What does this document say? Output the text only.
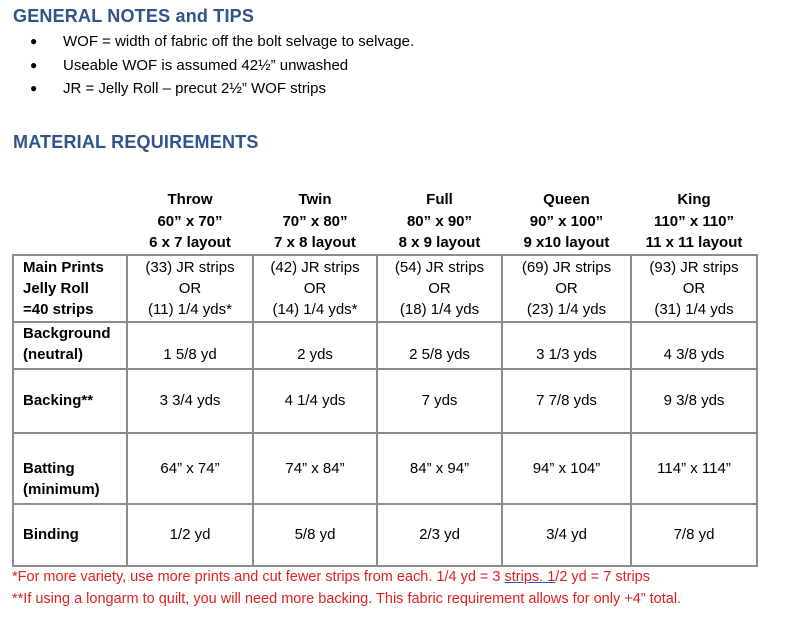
GENERAL NOTES and TIPS
● WOF = width of fabric off the bolt selvage to selvage.
● Useable WOF is assumed 42½” unwashed
● JR = Jelly Roll – precut 2½” WOF strips
MATERIAL REQUIREMENTS

	Throw
60” x 70”
6 x 7 layout	Twin
70” x 80”
7 x 8 layout	Full
80” x 90”
8 x 9 layout	Queen
90” x 100”
9 x10 layout	King
110” x 110”
11 x 11 layout

Main Prints
Jelly Roll
=40 strips	(33) JR strips
OR
(11) 1/4 yds*	(42) JR strips
OR
(14) 1/4 yds*	(54) JR strips
OR
(18) 1/4 yds	(69) JR strips
OR
(23) 1/4 yds	(93) JR strips
OR
(31) 1/4 yds

Background
(neutral)	1 5/8 yd	2 yds	2 5/8 yds	3 1/3 yds	4 3/8 yds
Backing**	3 3/4 yds	4 1/4 yds	7 yds	7 7/8 yds	9 3/8 yds

Batting
(minimum)	64” x 74”	74” x 84”	84” x 94”	94” x 104”	114” x 114”
Binding	1/2 yd	5/8 yd	2/3 yd	3/4 yd	7/8 yd
*For more variety, use more prints and cut fewer strips from each. 1/4 yd = 3 strips. 1/2 yd = 7 strips
**If using a longarm to quilt, you will need more backing. This fabric requirement allows for only +4” total.
